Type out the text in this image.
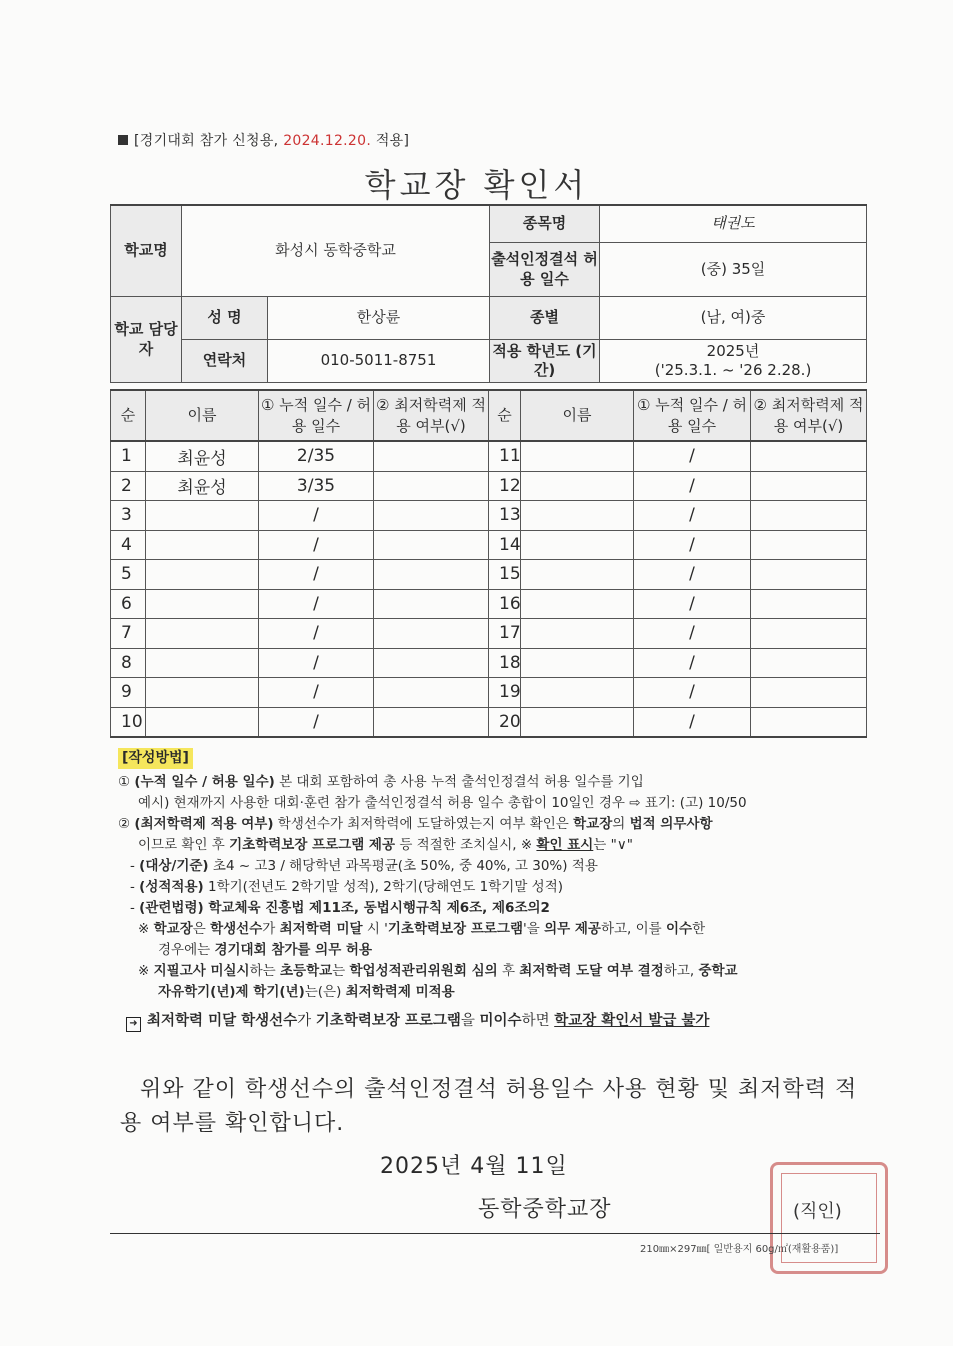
[경기대회 참가 신청용, 2024.12.20. 적용]
학교장 확인서
학교명	화성시 동학중학교		종목명	태권도
			출석인정결석 허용 일수	(중) 35일
학교 담당자	성 명	한상륜	종별	(남, 여)중
	연락처	010-5011-8751	적용 학년도 (기간)	2025년
('25.3.1. ~ '26 2.28.)
순	이름	① 누적 일수 / 허용 일수	② 최저학력제 적용 여부(√)	순	이름	① 누적 일수 / 허용 일수	② 최저학력제 적용 여부(√)
1	최윤성	2/35		11		/	
2	최윤성	3/35		12		/	
3		/		13		/	
4		/		14		/	
5		/		15		/	
6		/		16		/	
7		/		17		/	
8		/		18		/	
9		/		19		/	
10		/		20		/	
[작성방법]

① (누적 일수 / 허용 일수) 본 대회 포함하여 총 사용 누적 출석인정결석 허용 일수를 기입

예시) 현재까지 사용한 대회·훈련 참가 출석인정결석 허용 일수 총합이 10일인 경우 ⇨ 표기: (고) 10/50

② (최저학력제 적용 여부) 학생선수가 최저학력에 도달하였는지 여부 확인은 학교장의 법적 의무사항

이므로 확인 후 기초학력보장 프로그램 제공 등 적절한 조치실시, ※ 확인 표시는 "∨"

- (대상/기준) 초4 ~ 고3 / 해당학년 과목평균(초 50%, 중 40%, 고 30%) 적용

- (성적적용) 1학기(전년도 2학기말 성적), 2학기(당해연도 1학기말 성적)

- (관련법령) 학교체육 진흥법 제11조, 동법시행규칙 제6조, 제6조의2

※ 학교장은 학생선수가 최저학력 미달 시 '기초학력보장 프로그램'을 의무 제공하고, 이를 이수한

경우에는 경기대회 참가를 의무 허용

※ 지필고사 미실시하는 초등학교는 학업성적관리위원회 심의 후 최저학력 도달 여부 결정하고, 중학교

자유학기(년)제 학기(년)는(은) 최저학력제 미적용

➜ 최저학력 미달 학생선수가 기초학력보장 프로그램을 미이수하면 학교장 확인서 발급 불가

위와 같이 학생선수의 출석인정결석 허용일수 사용 현황 및 최저학력 적용 여부를 확인합니다.
2025년 4월 11일
동학중학교장	(직인)
210㎜×297㎜[ 일반용지 60g/㎡(재활용품)]
